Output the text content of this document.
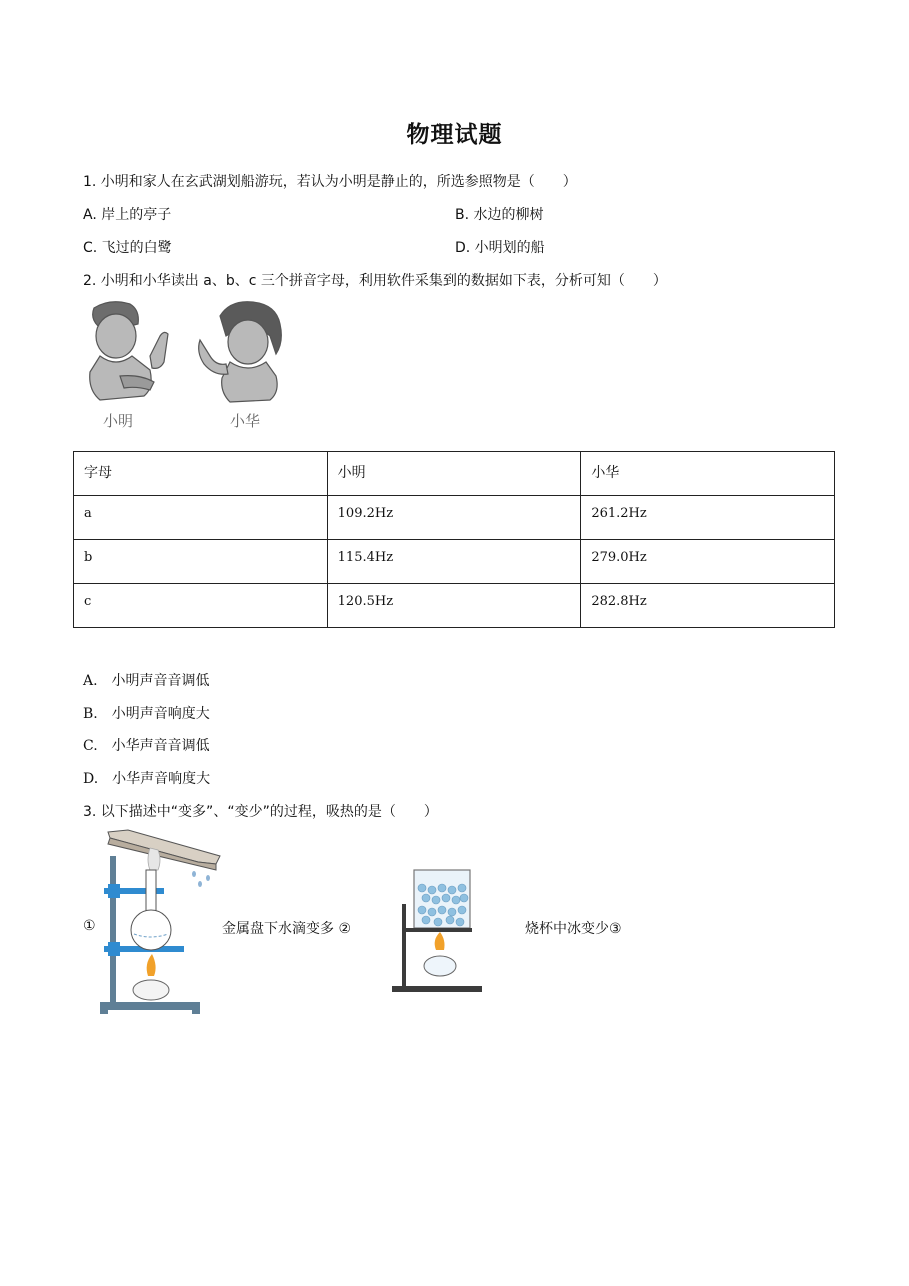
物理试题
1. 小明和家人在玄武湖划船游玩，若认为小明是静止的，所选参照物是（　　）
A. 岸上的亭子	B. 水边的柳树
C. 飞过的白鹭	D. 小明划的船
2. 小明和小华读出 a、b、c 三个拼音字母，利用软件采集到的数据如下表，分析可知（　　）
小明	小华
字母	小明	小华
a	109.2Hz	261.2Hz
b	115.4Hz	279.0Hz
c	120.5Hz	282.8Hz
A.　小明声音音调低
B.　小明声音响度大
C.　小华声音音调低
D.　小华声音响度大
3. 以下描述中“变多”、“变少”的过程，吸热的是（　　）
①	金属盘下水滴变多 ②	烧杯中冰变少③
